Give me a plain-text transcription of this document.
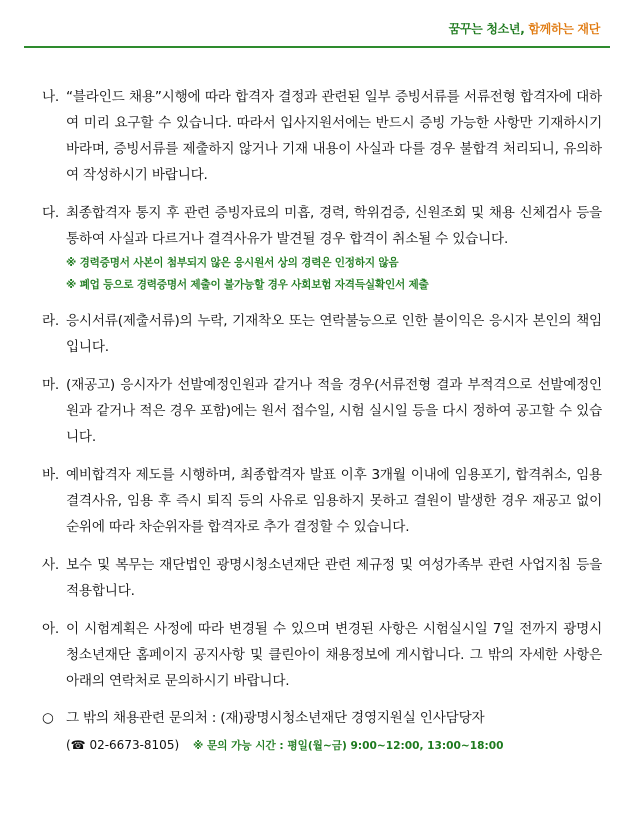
꿈꾸는 청소년, 함께하는 재단
나. “블라인드 채용”시행에 따라 합격자 결정과 관련된 일부 증빙서류를 서류전형 합격자에 대하여 미리 요구할 수 있습니다. 따라서 입사지원서에는 반드시 증빙 가능한 사항만 기재하시기 바라며, 증빙서류를 제출하지 않거나 기재 내용이 사실과 다를 경우 불합격 처리되니, 유의하여 작성하시기 바랍니다.
다. 최종합격자 통지 후 관련 증빙자료의 미흡, 경력, 학위검증, 신원조회 및 채용 신체검사 등을 통하여 사실과 다르거나 결격사유가 발견될 경우 합격이 취소될 수 있습니다.
※ 경력증명서 사본이 첨부되지 않은 응시원서 상의 경력은 인정하지 않음
※ 폐업 등으로 경력증명서 제출이 불가능할 경우 사회보험 자격득실확인서 제출
라. 응시서류(제출서류)의 누락, 기재착오 또는 연락불능으로 인한 불이익은 응시자 본인의 책임입니다.
마. (재공고) 응시자가 선발예정인원과 같거나 적을 경우(서류전형 결과 부적격으로 선발예정인원과 같거나 적은 경우 포함)에는 원서 접수일, 시험 실시일 등을 다시 정하여 공고할 수 있습니다.
바. 예비합격자 제도를 시행하며, 최종합격자 발표 이후 3개월 이내에 임용포기, 합격취소, 임용결격사유, 임용 후 즉시 퇴직 등의 사유로 임용하지 못하고 결원이 발생한 경우 재공고 없이 순위에 따라 차순위자를 합격자로 추가 결정할 수 있습니다.
사. 보수 및 복무는 재단법인 광명시청소년재단 관련 제규정 및 여성가족부 관련 사업지침 등을 적용합니다.
아. 이 시험계획은 사정에 따라 변경될 수 있으며 변경된 사항은 시험실시일 7일 전까지 광명시청소년재단 홈페이지 공지사항 및 클린아이 채용정보에 게시합니다. 그 밖의 자세한 사항은 아래의 연락처로 문의하시기 바랍니다.
○ 그 밖의 채용관련 문의처 : (재)광명시청소년재단 경영지원실 인사담당자
(☎ 02-6673-8105) ※ 문의 가능 시간 : 평일(월~금) 9:00~12:00, 13:00~18:00
